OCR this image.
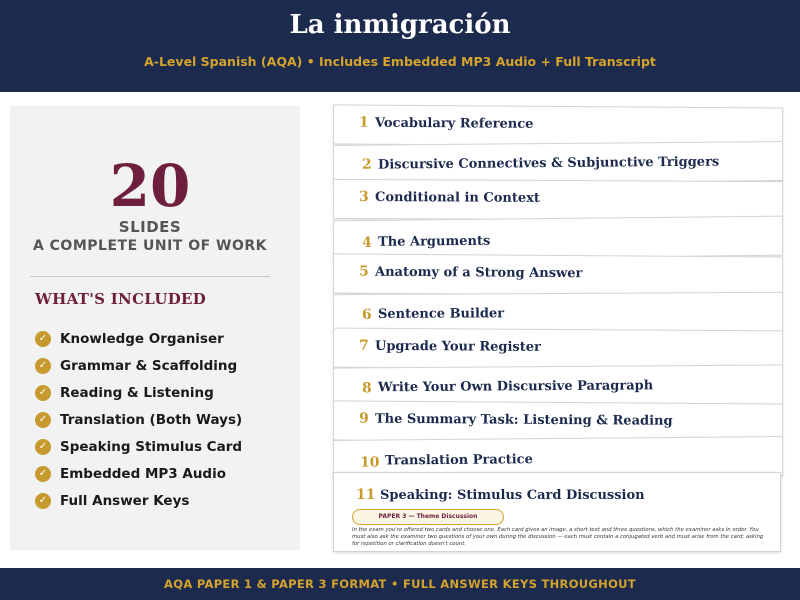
La inmigración
A-Level Spanish (AQA) • Includes Embedded MP3 Audio + Full Transcript
20
SLIDES
A COMPLETE UNIT OF WORK
WHAT'S INCLUDED
✓ Knowledge Organiser
✓ Grammar & Scaffolding
✓ Reading & Listening
✓ Translation (Both Ways)
✓ Speaking Stimulus Card
✓ Embedded MP3 Audio
✓ Full Answer Keys
1 Vocabulary Reference
2 Discursive Connectives & Subjunctive Triggers
3 Conditional in Context
4 The Arguments
5 Anatomy of a Strong Answer
6 Sentence Builder
7 Upgrade Your Register
8 Write Your Own Discursive Paragraph
9 The Summary Task: Listening & Reading
10 Translation Practice
11 Speaking: Stimulus Card Discussion
PAPER 3 — Theme Discussion
In the exam you're offered two cards and choose one. Each card gives an image, a short text and three questions, which the examiner asks in order. You must also ask the examiner two questions of your own during the discussion — each must contain a conjugated verb and must arise from the card; asking for repetition or clarification doesn't count.
AQA PAPER 1 & PAPER 3 FORMAT • FULL ANSWER KEYS THROUGHOUT
